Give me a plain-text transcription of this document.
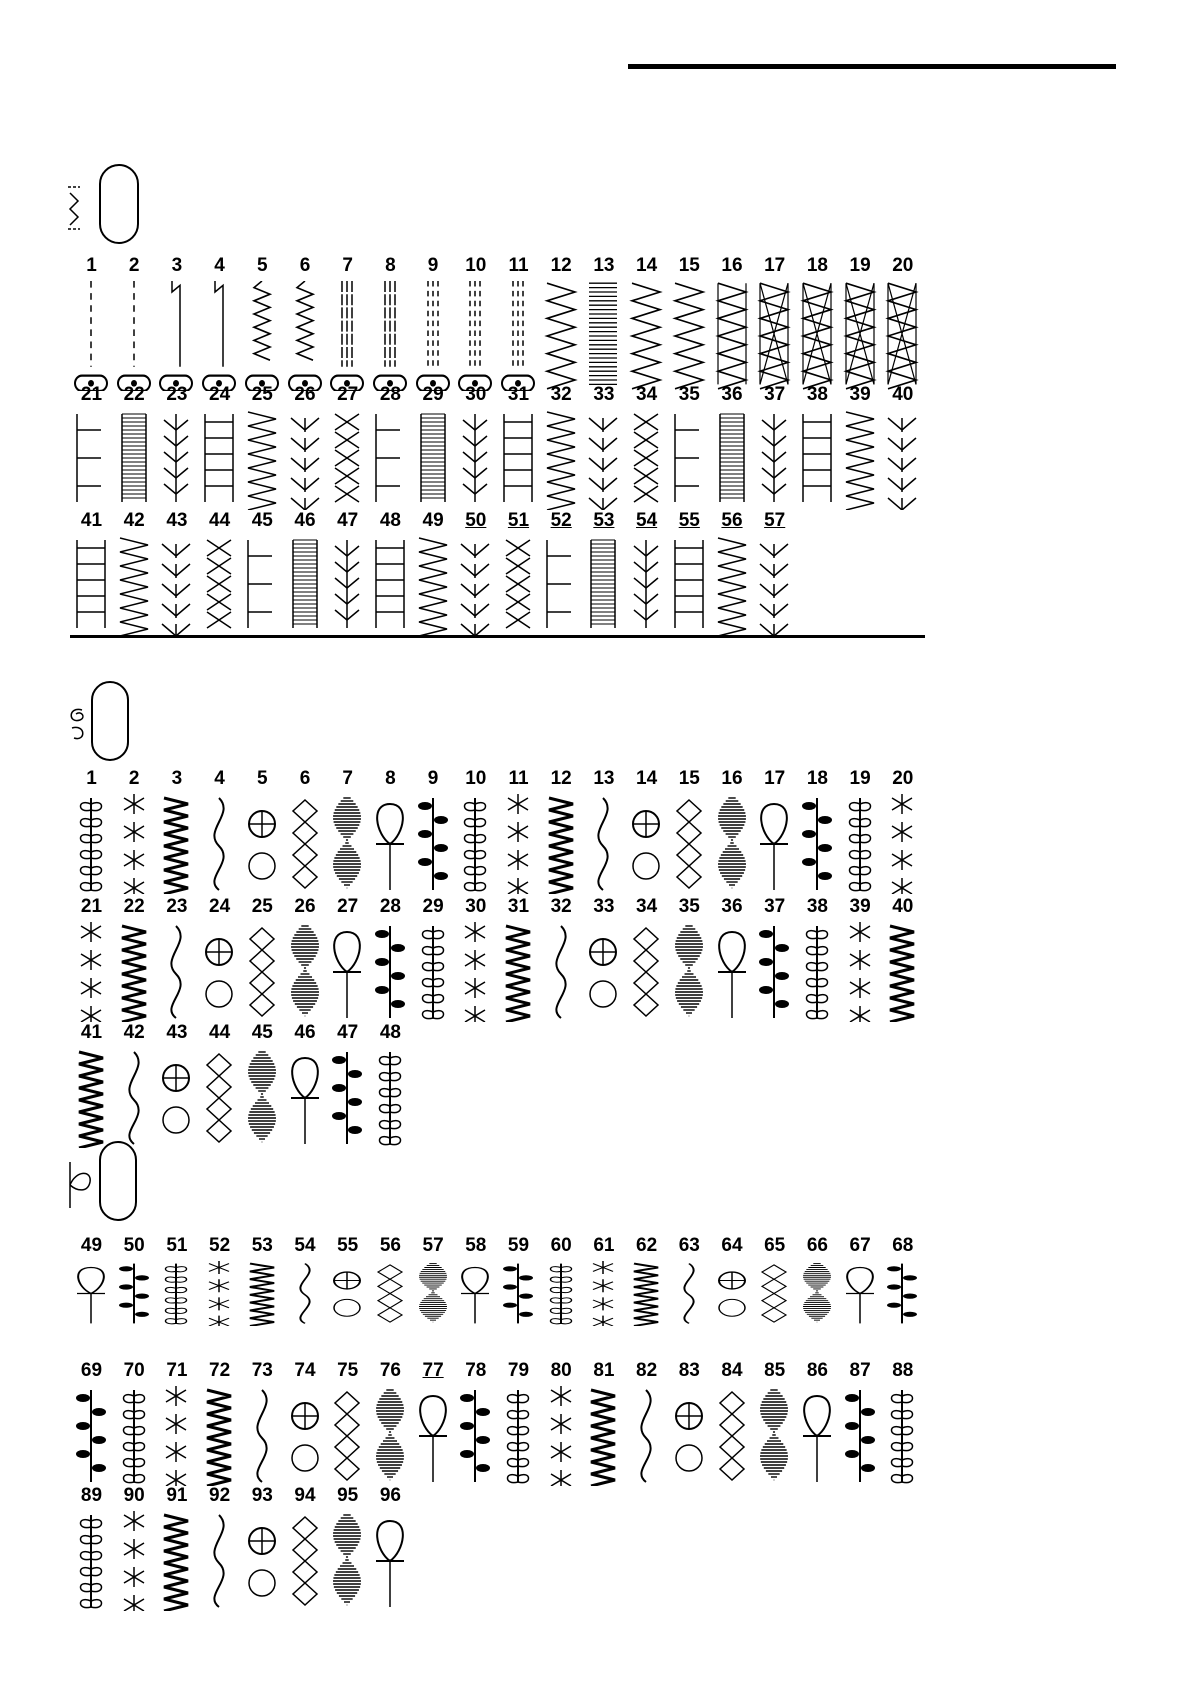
1	2	3	4	5	6	7	8	9	10	11	12	13	14	15	16	17	18	19	20
21	22	23	24	25	26	27	28	29	30	31	32	33	34	35	36	37	38	39	40
41	42	43	44	45	46	47	48	49	50	51	52	53	54	55	56	57
1	2	3	4	5	6	7	8	9	10	11	12	13	14	15	16	17	18	19	20
21	22	23	24	25	26	27	28	29	30	31	32	33	34	35	36	37	38	39	40
41	42	43	44	45	46	47	48
49	50	51	52	53	54	55	56	57	58	59	60	61	62	63	64	65	66	67	68
69	70	71	72	73	74	75	76	77	78	79	80	81	82	83	84	85	86	87	88
89	90	91	92	93	94	95	96
